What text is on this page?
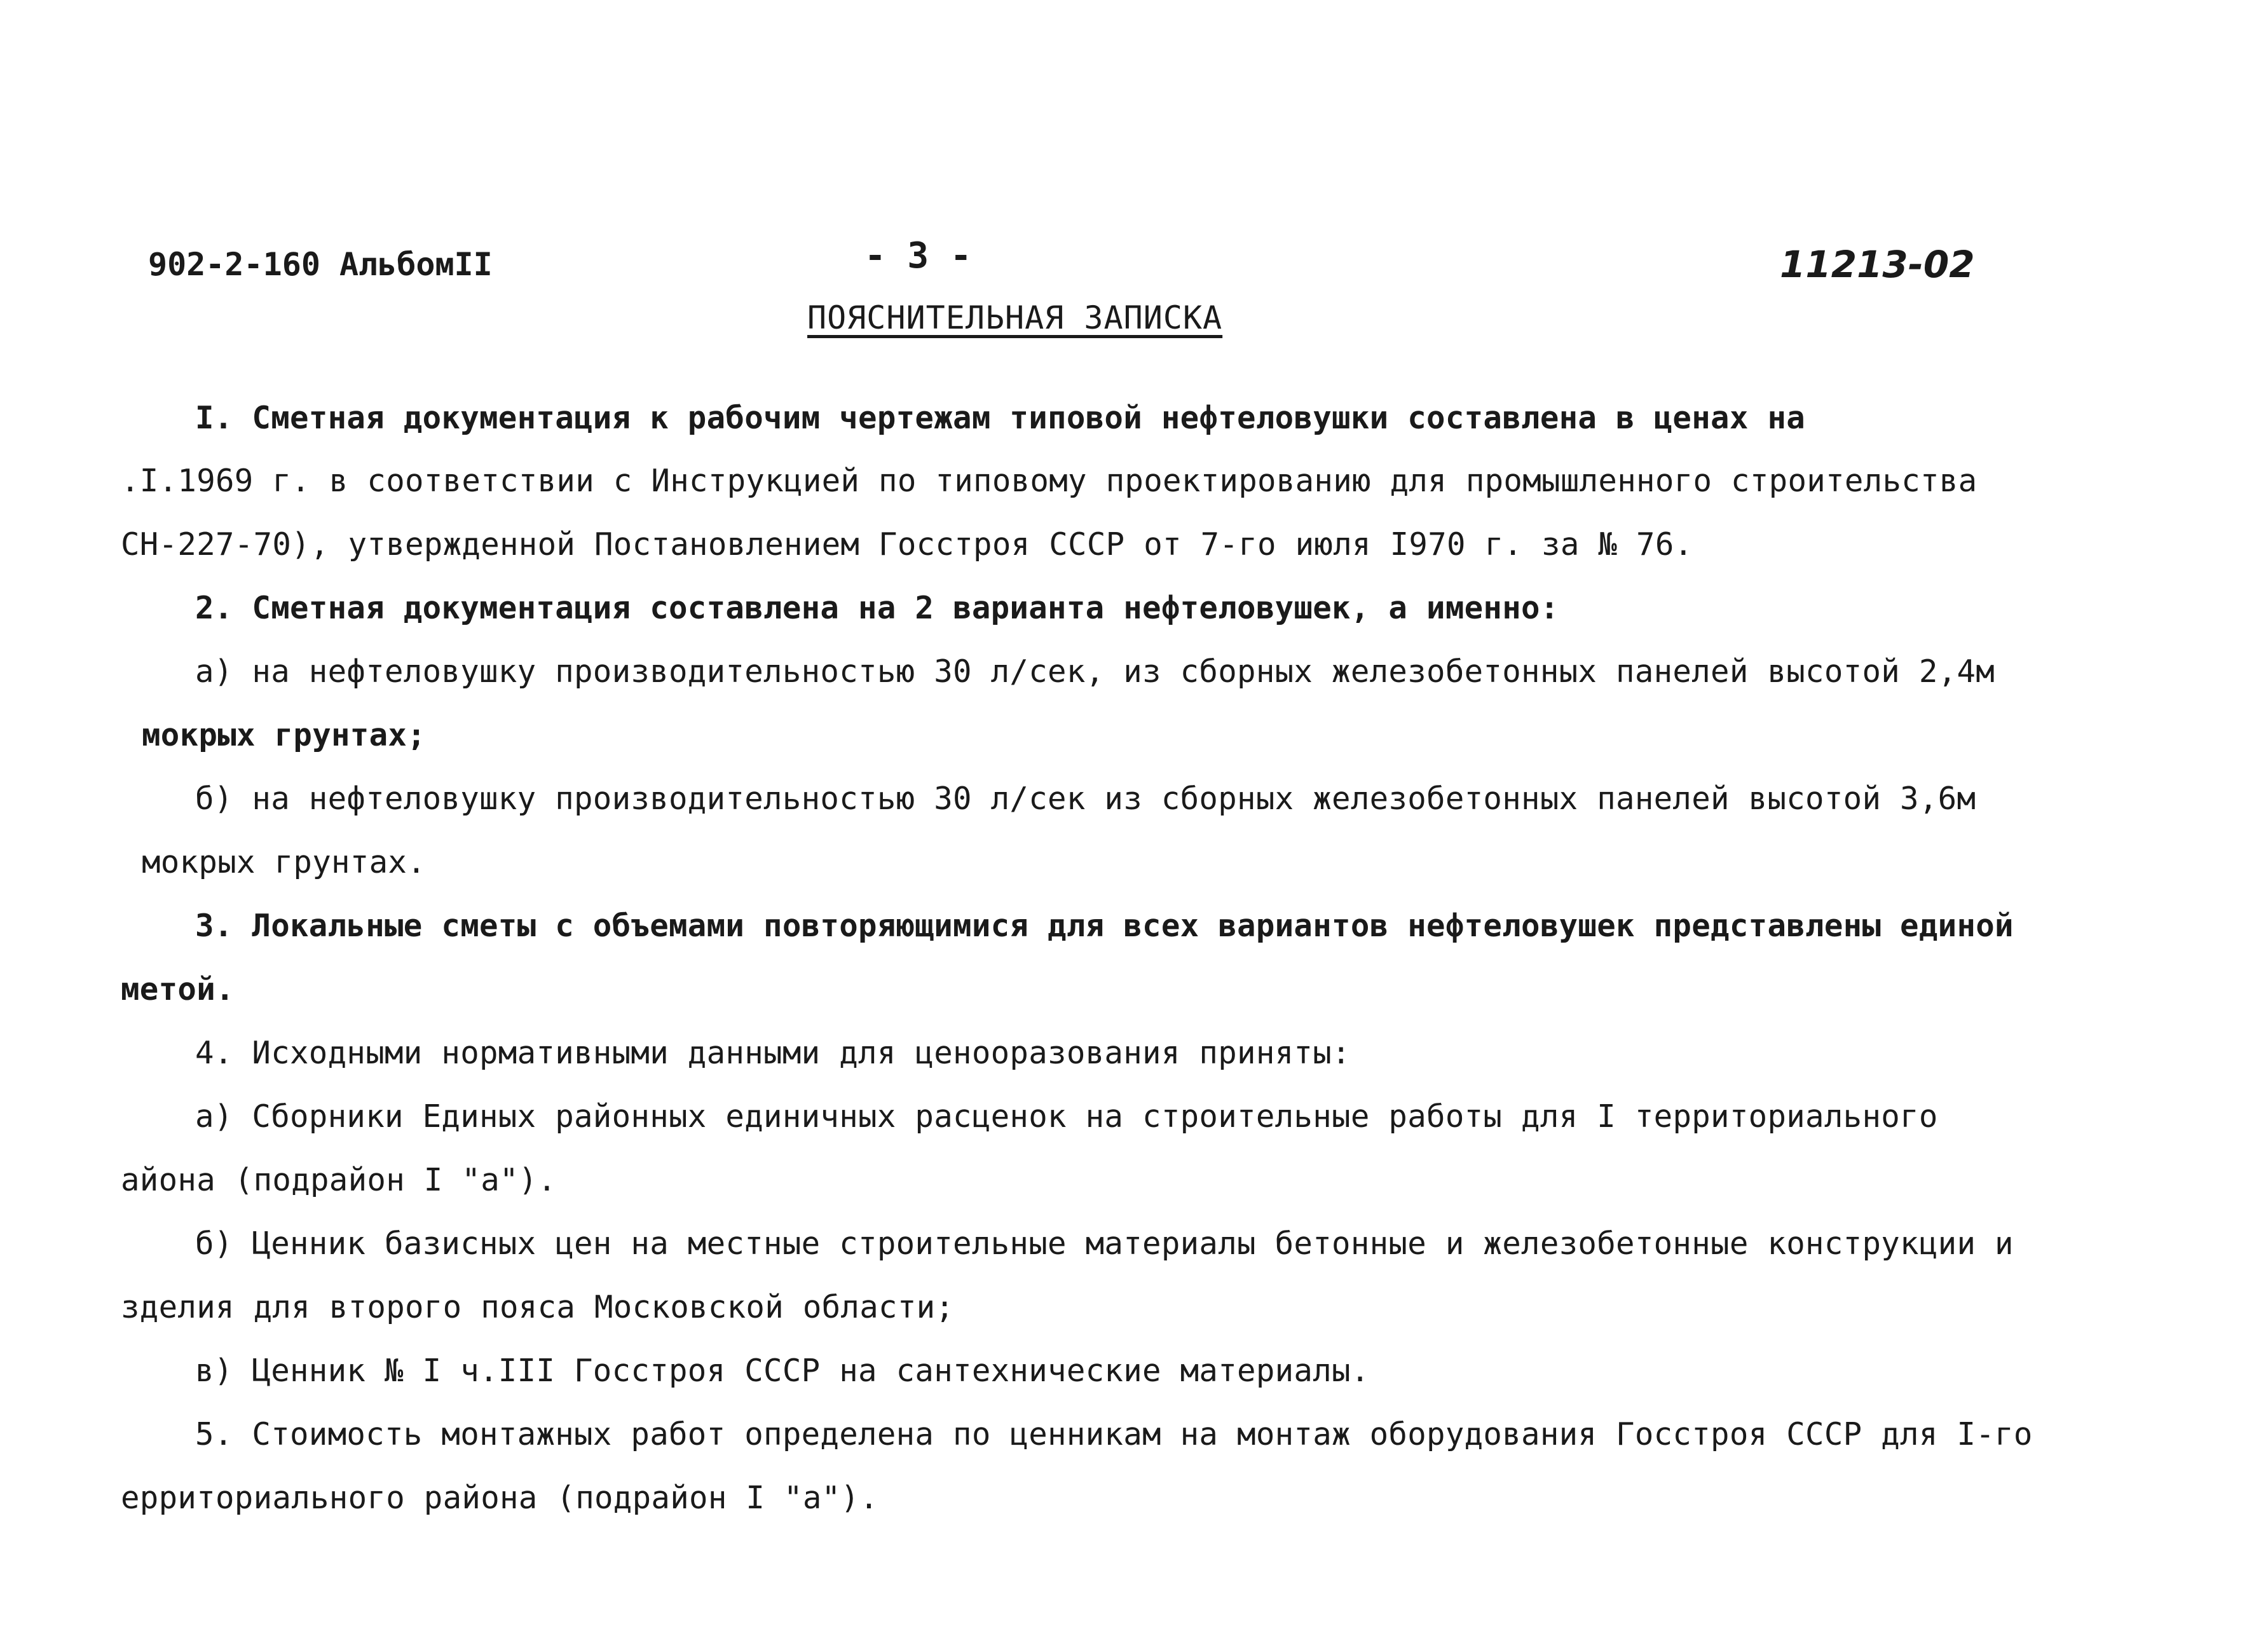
902-2-160 АльбомII	- 3 -	11213-02
ПОЯСНИТЕЛЬНАЯ ЗАПИСКА
I. Сметная документация к рабочим чертежам типовой нефтеловушки составлена в ценах на
.I.1969 г. в соответствии с Инструкцией по типовому проектированию для промышленного строительства
СН-227-70), утвержденной Постановлением Госстроя СССР от 7-го июля I970 г. за № 76.
2. Сметная документация составлена на 2 варианта нефтеловушек, а именно:
а) на нефтеловушку производительностью 30 л/сек, из сборных железобетонных панелей высотой 2,4м
мокрых грунтах;
б) на нефтеловушку производительностью 30 л/сек из сборных железобетонных панелей высотой 3,6м
мокрых грунтах.
3. Локальные сметы с объемами повторяющимися для всех вариантов нефтеловушек представлены единой
метой.
4. Исходными нормативными данными для ценооразования приняты:
а) Сборники Единых районных единичных расценок на строительные работы для I территориального
айона (подрайон I "а").
б) Ценник базисных цен на местные строительные материалы бетонные и железобетонные конструкции и
зделия для второго пояса Московской области;
в) Ценник № I ч.III Госстроя СССР на сантехнические материалы.
5. Стоимость монтажных работ определена по ценникам на монтаж оборудования Госстроя СССР для I-го
ерриториального района (подрайон I "а").
